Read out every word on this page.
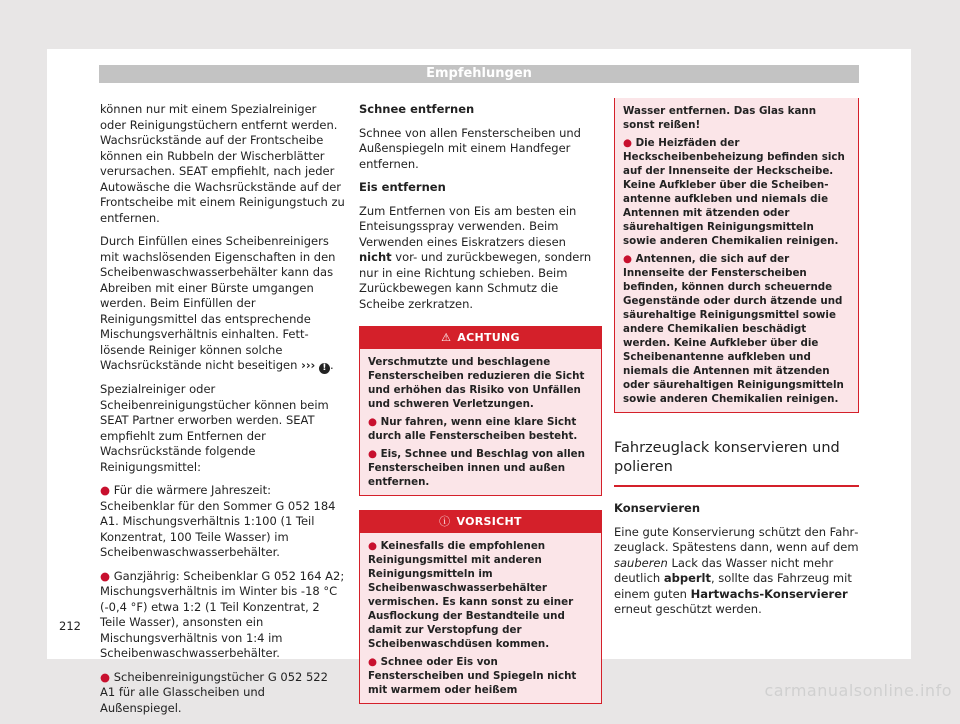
Empfehlungen

können nur mit einem Spezialreiniger oder Reinigungstüchern entfernt werden. Wachsrückstände auf der Frontscheibe können ein Rubbeln der Wischerblätter verursachen. SEAT empfiehlt, nach jeder Autowäsche die Wachsrückstände auf der Frontscheibe mit einem Reinigungstuch zu entfernen.

Durch Einfüllen eines Scheibenreinigers mit wachslösenden Eigenschaften in den Scheibenwaschwasserbehälter kann das Abreiben mit einer Bürste umgangen werden. Beim Einfüllen der Reinigungsmittel das entsprechende Mischungsverhältnis einhalten. Fettlösende Reiniger können solche Wachsrückstände nicht beseitigen ››› ! .

Spezialreiniger oder Scheibenreinigungstücher können beim SEAT Partner erworben werden. SEAT empfiehlt zum Entfernen der Wachsrückstände folgende Reinigungsmittel:

● Für die wärmere Jahreszeit: Scheibenklar für den Sommer G 052 184 A1. Mischungsverhältnis 1:100 (1 Teil Konzentrat, 100 Teile Wasser) im Scheibenwaschwasserbehälter.

● Ganzjährig: Scheibenklar G 052 164 A2; Mischungsverhältnis im Winter bis -18 °C (-0,4 °F) etwa 1:2 (1 Teil Konzentrat, 2 Teile Wasser), ansonsten ein Mischungsverhältnis von 1:4 im Scheibenwaschwasserbehälter.

● Scheibenreinigungstücher G 052 522 A1 für alle Glasscheiben und Außenspiegel.

Schnee entfernen

Schnee von allen Fensterscheiben und Außenspiegeln mit einem Handfeger entfernen.

Eis entfernen

Zum Entfernen von Eis am besten ein Enteisungsspray verwenden. Beim Verwenden eines Eiskratzers diesen nicht vor- und zurückbewegen, sondern nur in eine Richtung schieben. Beim Zurückbewegen kann Schmutz die Scheibe zerkratzen.

⚠ ACHTUNG

Verschmutzte und beschlagene Fensterscheiben reduzieren die Sicht und erhöhen das Risiko von Unfällen und schweren Verletzungen.

● Nur fahren, wenn eine klare Sicht durch alle Fensterscheiben besteht.

● Eis, Schnee und Beschlag von allen Fensterscheiben innen und außen entfernen.

ⓘ VORSICHT

● Keinesfalls die empfohlenen Reinigungsmittel mit anderen Reinigungsmitteln im Scheibenwaschwasserbehälter vermischen. Es kann sonst zu einer Ausflockung der Bestandteile und damit zur Verstopfung der Scheibenwaschdüsen kommen.

● Schnee oder Eis von Fensterscheiben und Spiegeln nicht mit warmem oder heißem

Wasser entfernen. Das Glas kann sonst reißen!

● Die Heizfäden der Heckscheibenbeheizung befinden sich auf der Innenseite der Heckscheibe. Keine Aufkleber über die Scheibenantenne aufkleben und niemals die Antennen mit ätzenden oder säurehaltigen Reinigungsmitteln sowie anderen Chemikalien reinigen.

● Antennen, die sich auf der Innenseite der Fensterscheiben befinden, können durch scheuernde Gegenstände oder durch ätzende und säurehaltige Reinigungsmittel sowie andere Chemikalien beschädigt werden. Keine Aufkleber über die Scheibenantenne aufkleben und niemals die Antennen mit ätzenden oder säurehaltigen Reinigungsmitteln sowie anderen Chemikalien reinigen.

Fahrzeuglack konservieren und polieren

Konservieren

Eine gute Konservierung schützt den Fahrzeuglack. Spätestens dann, wenn auf dem sauberen Lack das Wasser nicht mehr deutlich abperlt, sollte das Fahrzeug mit einem guten Hartwachs-Konservierer erneut geschützt werden.

212
carmanualsonline.info
